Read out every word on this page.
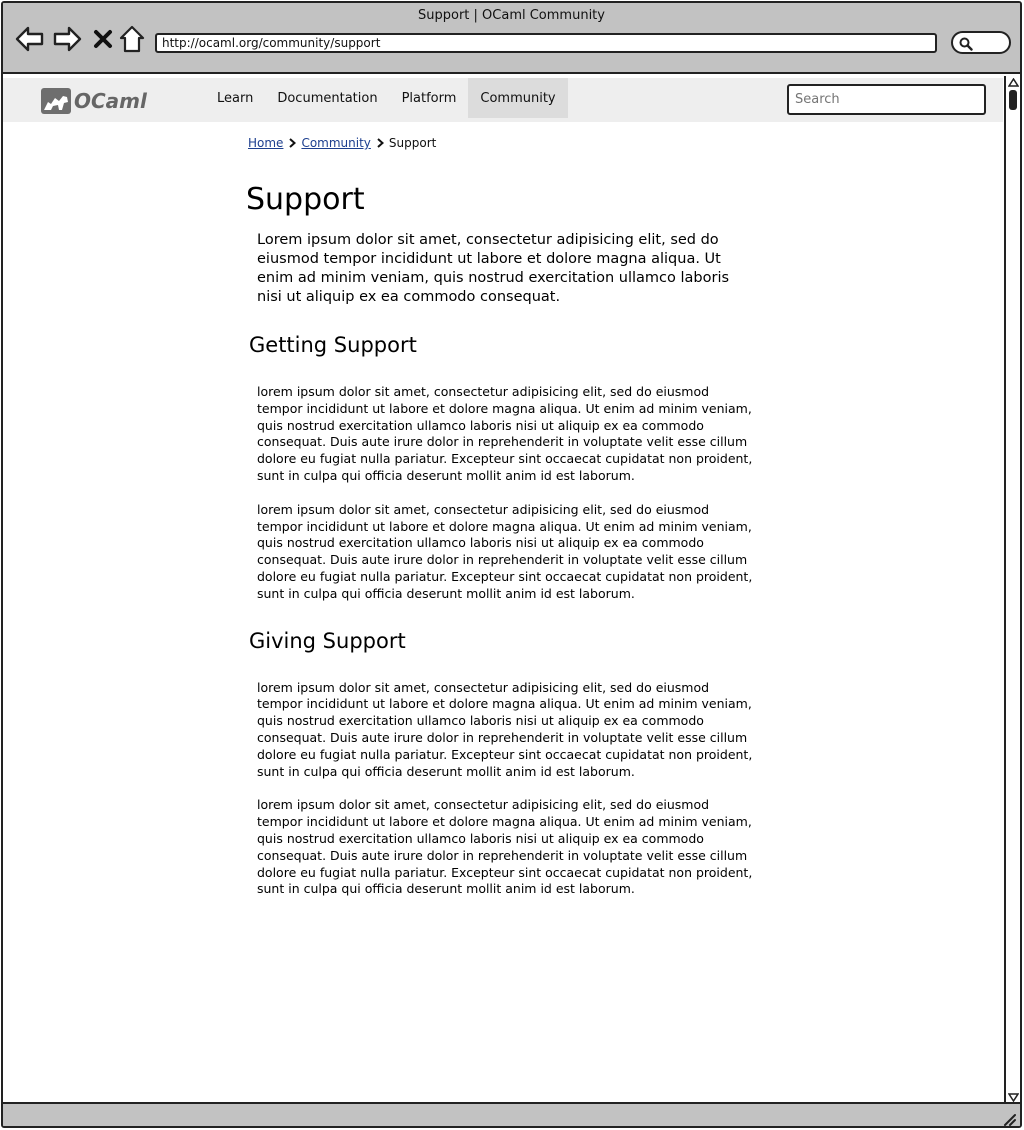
Support | OCaml Community
http://ocaml.org/community/support
OCaml	Learn	Documentation	Platform	Community
Search
Home Community Support
Support

Lorem ipsum dolor sit amet, consectetur adipisicing elit, sed do eiusmod tempor incididunt ut labore et dolore magna aliqua. Ut enim ad minim veniam, quis nostrud exercitation ullamco laboris nisi ut aliquip ex ea commodo consequat.

Getting Support

lorem ipsum dolor sit amet, consectetur adipisicing elit, sed do eiusmod tempor incididunt ut labore et dolore magna aliqua. Ut enim ad minim veniam, quis nostrud exercitation ullamco laboris nisi ut aliquip ex ea commodo consequat. Duis aute irure dolor in reprehenderit in voluptate velit esse cillum dolore eu fugiat nulla pariatur. Excepteur sint occaecat cupidatat non proident, sunt in culpa qui officia deserunt mollit anim id est laborum.

lorem ipsum dolor sit amet, consectetur adipisicing elit, sed do eiusmod tempor incididunt ut labore et dolore magna aliqua. Ut enim ad minim veniam, quis nostrud exercitation ullamco laboris nisi ut aliquip ex ea commodo consequat. Duis aute irure dolor in reprehenderit in voluptate velit esse cillum dolore eu fugiat nulla pariatur. Excepteur sint occaecat cupidatat non proident, sunt in culpa qui officia deserunt mollit anim id est laborum.

Giving Support

lorem ipsum dolor sit amet, consectetur adipisicing elit, sed do eiusmod tempor incididunt ut labore et dolore magna aliqua. Ut enim ad minim veniam, quis nostrud exercitation ullamco laboris nisi ut aliquip ex ea commodo consequat. Duis aute irure dolor in reprehenderit in voluptate velit esse cillum dolore eu fugiat nulla pariatur. Excepteur sint occaecat cupidatat non proident, sunt in culpa qui officia deserunt mollit anim id est laborum.

lorem ipsum dolor sit amet, consectetur adipisicing elit, sed do eiusmod tempor incididunt ut labore et dolore magna aliqua. Ut enim ad minim veniam, quis nostrud exercitation ullamco laboris nisi ut aliquip ex ea commodo consequat. Duis aute irure dolor in reprehenderit in voluptate velit esse cillum dolore eu fugiat nulla pariatur. Excepteur sint occaecat cupidatat non proident, sunt in culpa qui officia deserunt mollit anim id est laborum.
